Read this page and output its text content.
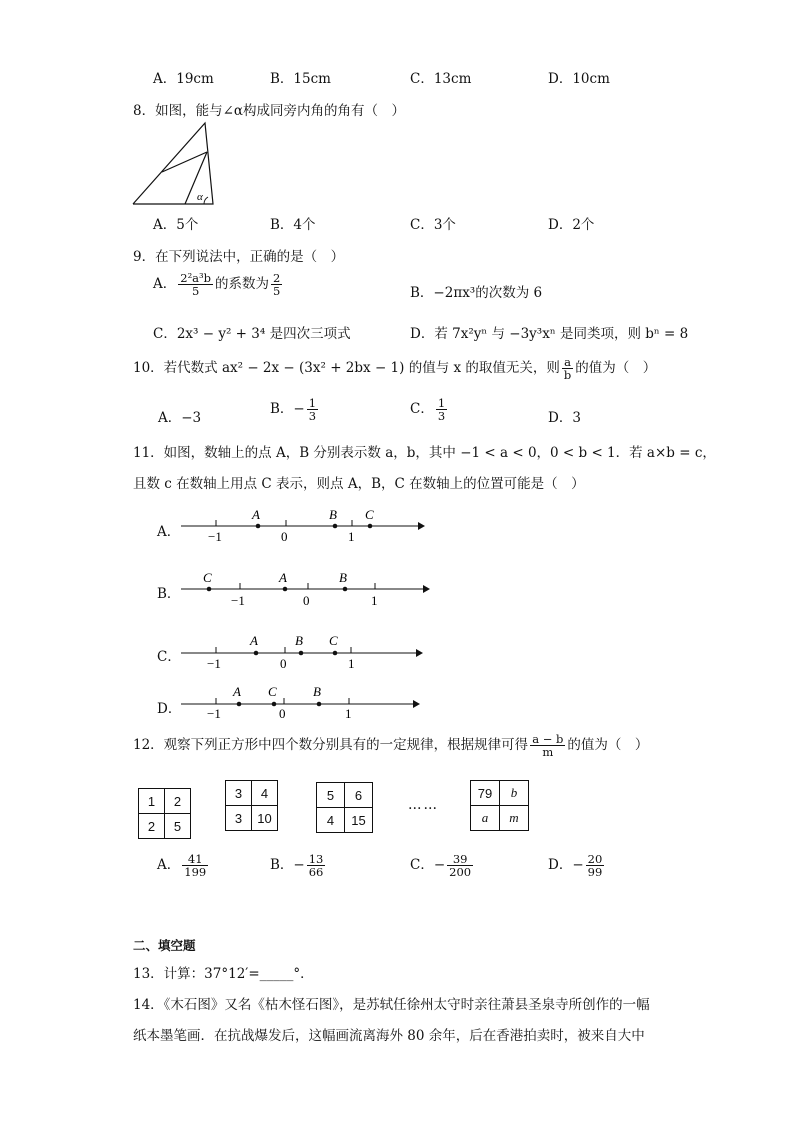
A．19cm	B．15cm	C．13cm	D．10cm
8．如图，能与∠α构成同旁内角的角有（　）
α
A．5个	B．4个	C．3个	D．2个
9．在下列说法中，正确的是（　）
A． $\frac{\text{2²a³b}}{5}$ 的系数为 $\frac{2}{5}$	B．−2πx³的次数为 6
C．2x³ − y² + 3⁴ 是四次三项式	D．若 7x²yⁿ 与 −3y³xⁿ 是同类项，则 bⁿ = 8
10．若代数式 ax² − 2x − (3x² + 2bx − 1) 的值与 x 的取值无关，则 $\frac{a}{b}$ 的值为（　）
A．−3
B．− $\frac{1}{3}$	C． $\frac{1}{3}$	D．3
11．如图，数轴上的点 A，B 分别表示数 a，b，其中 −1 < a < 0，0 < b < 1．若 a×b = c，
且数 c 在数轴上用点 C 表示，则点 A，B，C 在数轴上的位置可能是（　）
A．
A	B C
−1	0	1
B．
C	A	B
−1	0	1
C．
A	B C
−1	0	1
D．
A C	B
−1	0	1
12．观察下列正方形中四个数分别具有的一定规律，根据规律可得 $\frac{a - b}{m}$ 的值为（　）
1	2
2	5
3	4
3	10
5	6
4	15
……
79	b
a	m
A． $\frac{41}{199}$	B．− $\frac{13}{66}$	C．− $\frac{39}{200}$	D．− $\frac{20}{99}$
二、填空题
13．计算：37°12′=_____°．
14．《木石图》又名《枯木怪石图》，是苏轼任徐州太守时亲往萧县圣泉寺所创作的一幅
纸本墨笔画．在抗战爆发后，这幅画流离海外 80 余年，后在香港拍卖时，被来自大中
